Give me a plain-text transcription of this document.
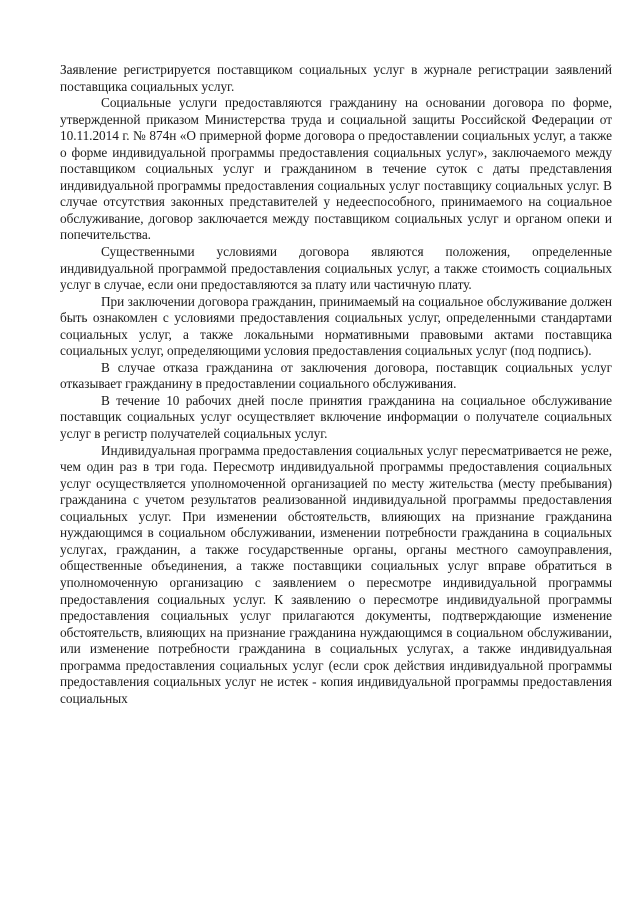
Заявление регистрируется поставщиком социальных услуг в журнале регистрации заявлений поставщика социальных услуг.

Социальные услуги предоставляются гражданину на основании договора по форме, утвержденной приказом Министерства труда и социальной защиты Российской Федерации от 10.11.2014 г. № 874н «О примерной форме договора о предоставлении социальных услуг, а также о форме индивидуальной программы предоставления социальных услуг», заключаемого между поставщиком социальных услуг и гражданином в течение суток с даты представления индивидуальной программы предоставления социальных услуг поставщику социальных услуг. В случае отсутствия законных представителей у недееспособного, принимаемого на социальное обслуживание, договор заключается между поставщиком социальных услуг и органом опеки и попечительства.

Существенными условиями договора являются положения, определенные индивидуальной программой предоставления социальных услуг, а также стоимость социальных услуг в случае, если они предоставляются за плату или частичную плату.

При заключении договора гражданин, принимаемый на социальное обслуживание должен быть ознакомлен с условиями предоставления социальных услуг, определенными стандартами социальных услуг, а также локальными нормативными правовыми актами поставщика социальных услуг, определяющими условия предоставления социальных услуг (под подпись).

В случае отказа гражданина от заключения договора, поставщик социальных услуг отказывает гражданину в предоставлении социального обслуживания.

В течение 10 рабочих дней после принятия гражданина на социальное обслуживание поставщик социальных услуг осуществляет включение информации о получателе социальных услуг в регистр получателей социальных услуг.

Индивидуальная программа предоставления социальных услуг пересматривается не реже, чем один раз в три года. Пересмотр индивидуальной программы предоставления социальных услуг осуществляется уполномоченной организацией по месту жительства (месту пребывания) гражданина с учетом результатов реализованной индивидуальной программы предоставления социальных услуг. При изменении обстоятельств, влияющих на признание гражданина нуждающимся в социальном обслуживании, изменении потребности гражданина в социальных услугах, гражданин, а также государственные органы, органы местного самоуправления, общественные объединения, а также поставщики социальных услуг вправе обратиться в уполномоченную организацию с заявлением о пересмотре индивидуальной программы предоставления социальных услуг. К заявлению о пересмотре индивидуальной программы предоставления социальных услуг прилагаются документы, подтверждающие изменение обстоятельств, влияющих на признание гражданина нуждающимся в социальном обслуживании, или изменение потребности гражданина в социальных услугах, а также индивидуальная программа предоставления социальных услуг (если срок действия индивидуальной программы предоставления социальных услуг не истек - копия индивидуальной программы предоставления социальных
